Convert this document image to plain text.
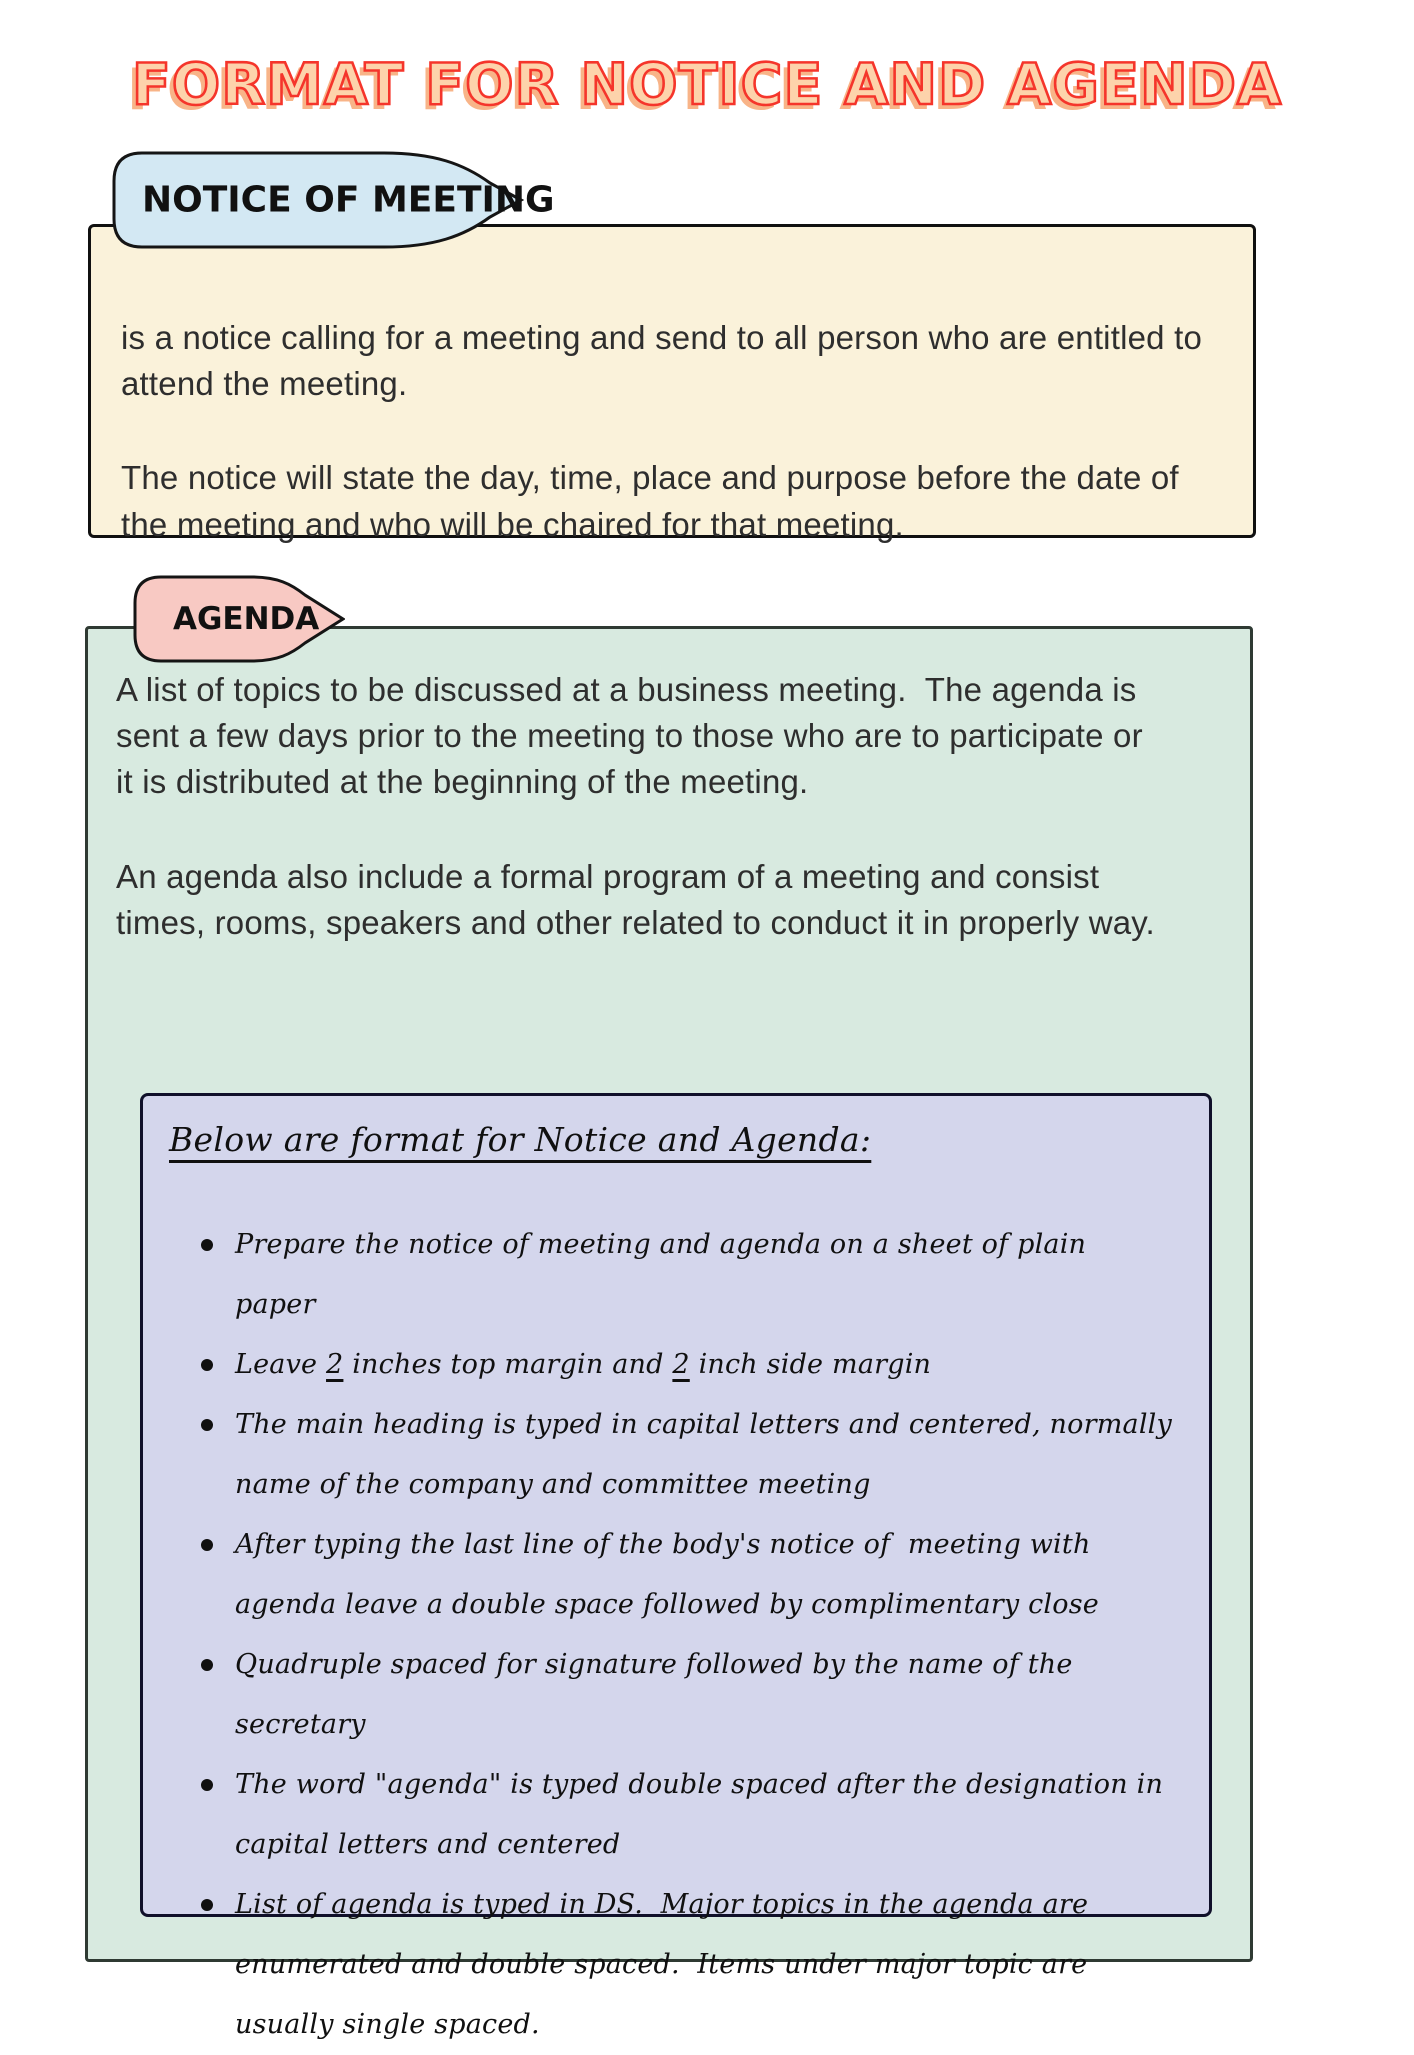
FORMAT FOR NOTICE AND AGENDA
NOTICE OF MEETING

is a notice calling for a meeting and send to all person who are entitled to attend the meeting.

The notice will state the day, time, place and purpose before the date of the meeting and who will be chaired for that meeting.

AGENDA

A list of topics to be discussed at a business meeting.  The agenda is sent a few days prior to the meeting to those who are to participate or it is distributed at the beginning of the meeting.

An agenda also include a formal program of a meeting and consist times, rooms, speakers and other related to conduct it in properly way.

Below are format for Notice and Agenda:
Prepare the notice of meeting and agenda on a sheet of plain paper
Leave 2 inches top margin and 2 inch side margin
The main heading is typed in capital letters and centered, normally name of the company and committee meeting
After typing the last line of the body's notice of  meeting with agenda leave a double space followed by complimentary close
Quadruple spaced for signature followed by the name of the secretary
The word "agenda" is typed double spaced after the designation in capital letters and centered
List of agenda is typed in DS.  Major topics in the agenda are enumerated and double spaced.  Items under major topic are usually single spaced.
